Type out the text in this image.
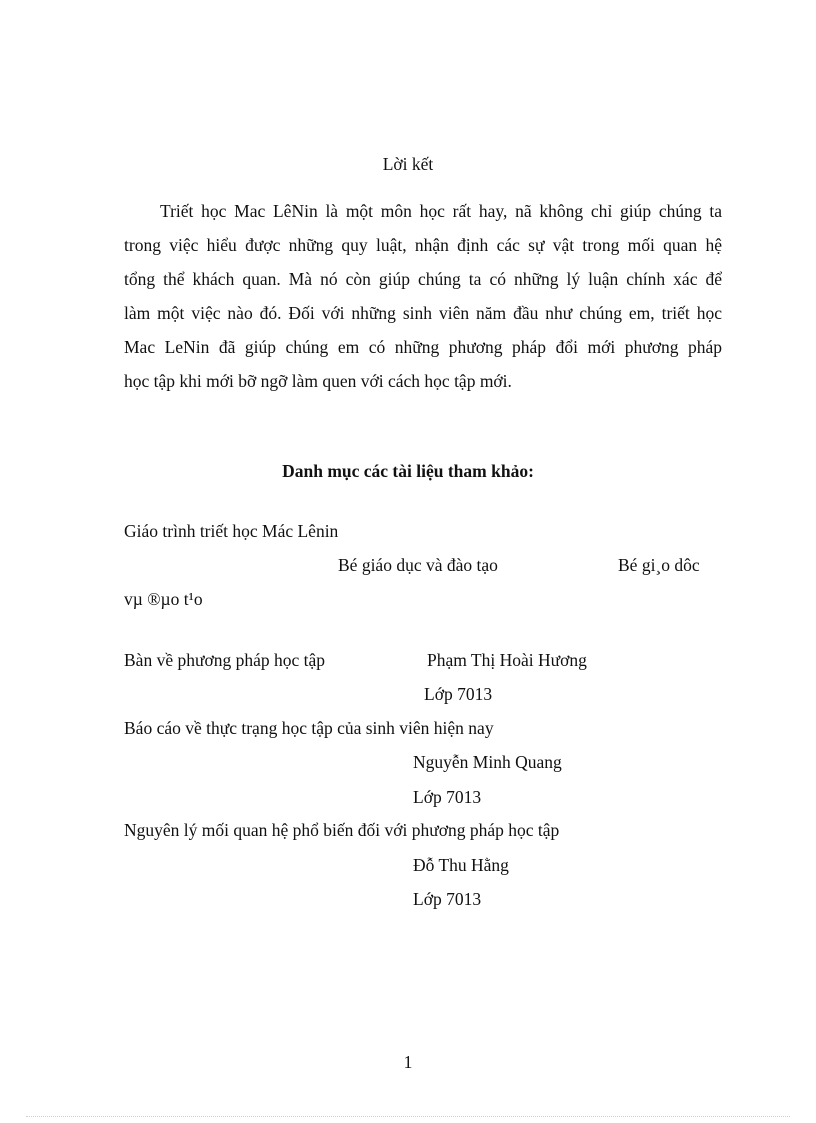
Lời kết
Triết học Mac LêNin là một môn học rất hay, nã không chỉ giúp chúng ta
trong việc hiểu được những quy luật, nhận định các sự vật trong mối quan hệ
tổng thể khách quan. Mà nó còn giúp chúng ta có những lý luận chính xác để
làm một việc nào đó. Đối với những sinh viên năm đầu như chúng em, triết học
Mac LeNin đã giúp chúng em có những phương pháp đổi mới phương pháp
học tập khi mới bỡ ngỡ làm quen với cách học tập mới.
Danh mục các tài liệu tham khảo:
Giáo trình triết học Mác Lênin
Bé giáo dục và đào tạo	Bé gi¸o dôc
vµ ®µo t¹o
Bàn về phương pháp học tập	Phạm Thị Hoài Hương
Lớp 7013
Báo cáo về thực trạng học tập của sinh viên hiện nay
Nguyễn Minh Quang
Lớp 7013
Nguyên lý mối quan hệ phổ biến đối với phương pháp học tập
Đỗ Thu Hằng
Lớp 7013
1
